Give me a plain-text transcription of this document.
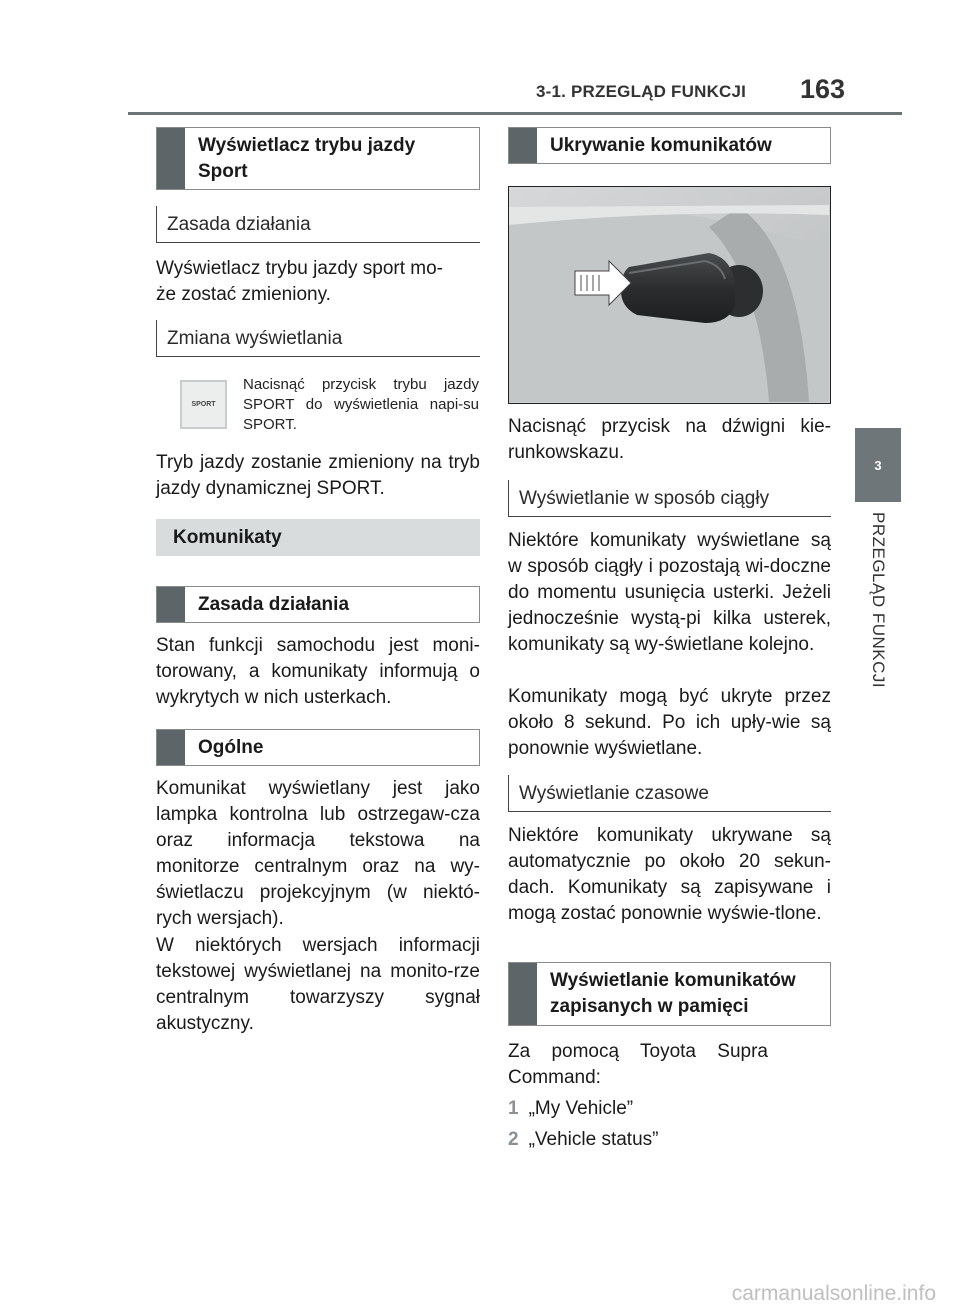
3-1. PRZEGLĄD FUNKCJI 163
3
PRZEGLĄD FUNKCJI
Wyświetlacz trybu jazdy Sport
Zasada działania
Wyświetlacz trybu jazdy sport mo-
że zostać zmieniony.
Zmiana wyświetlania
SPORT
Nacisnąć przycisk trybu jazdy SPORT do wyświetlenia napi-su SPORT.
Tryb jazdy zostanie zmieniony na tryb jazdy dynamicznej SPORT.
Komunikaty
Zasada działania
Stan funkcji samochodu jest moni-torowany, a komunikaty informują o wykrytych w nich usterkach.
Ogólne
Komunikat wyświetlany jest jako lampka kontrolna lub ostrzegaw-cza oraz informacja tekstowa na monitorze centralnym oraz na wy-świetlaczu projekcyjnym (w niektó-rych wersjach).
W niektórych wersjach informacji tekstowej wyświetlanej na monito-rze centralnym towarzyszy sygnał akustyczny.
Ukrywanie komunikatów
Nacisnąć przycisk na dźwigni kie-runkowskazu.
Wyświetlanie w sposób ciągły
Niektóre komunikaty wyświetlane są w sposób ciągły i pozostają wi-doczne do momentu usunięcia usterki. Jeżeli jednocześnie wystą-pi kilka usterek, komunikaty są wy-świetlane kolejno.
Komunikaty mogą być ukryte przez około 8 sekund. Po ich upły-wie są ponownie wyświetlane.
Wyświetlanie czasowe
Niektóre komunikaty ukrywane są automatycznie po około 20 sekun-dach. Komunikaty są zapisywane i mogą zostać ponownie wyświe-tlone.
Wyświetlanie komunikatów zapisanych w pamięci
Za pomocą Toyota Supra Command:
1 „My Vehicle”
2 „Vehicle status”
carmanualsonline.info
